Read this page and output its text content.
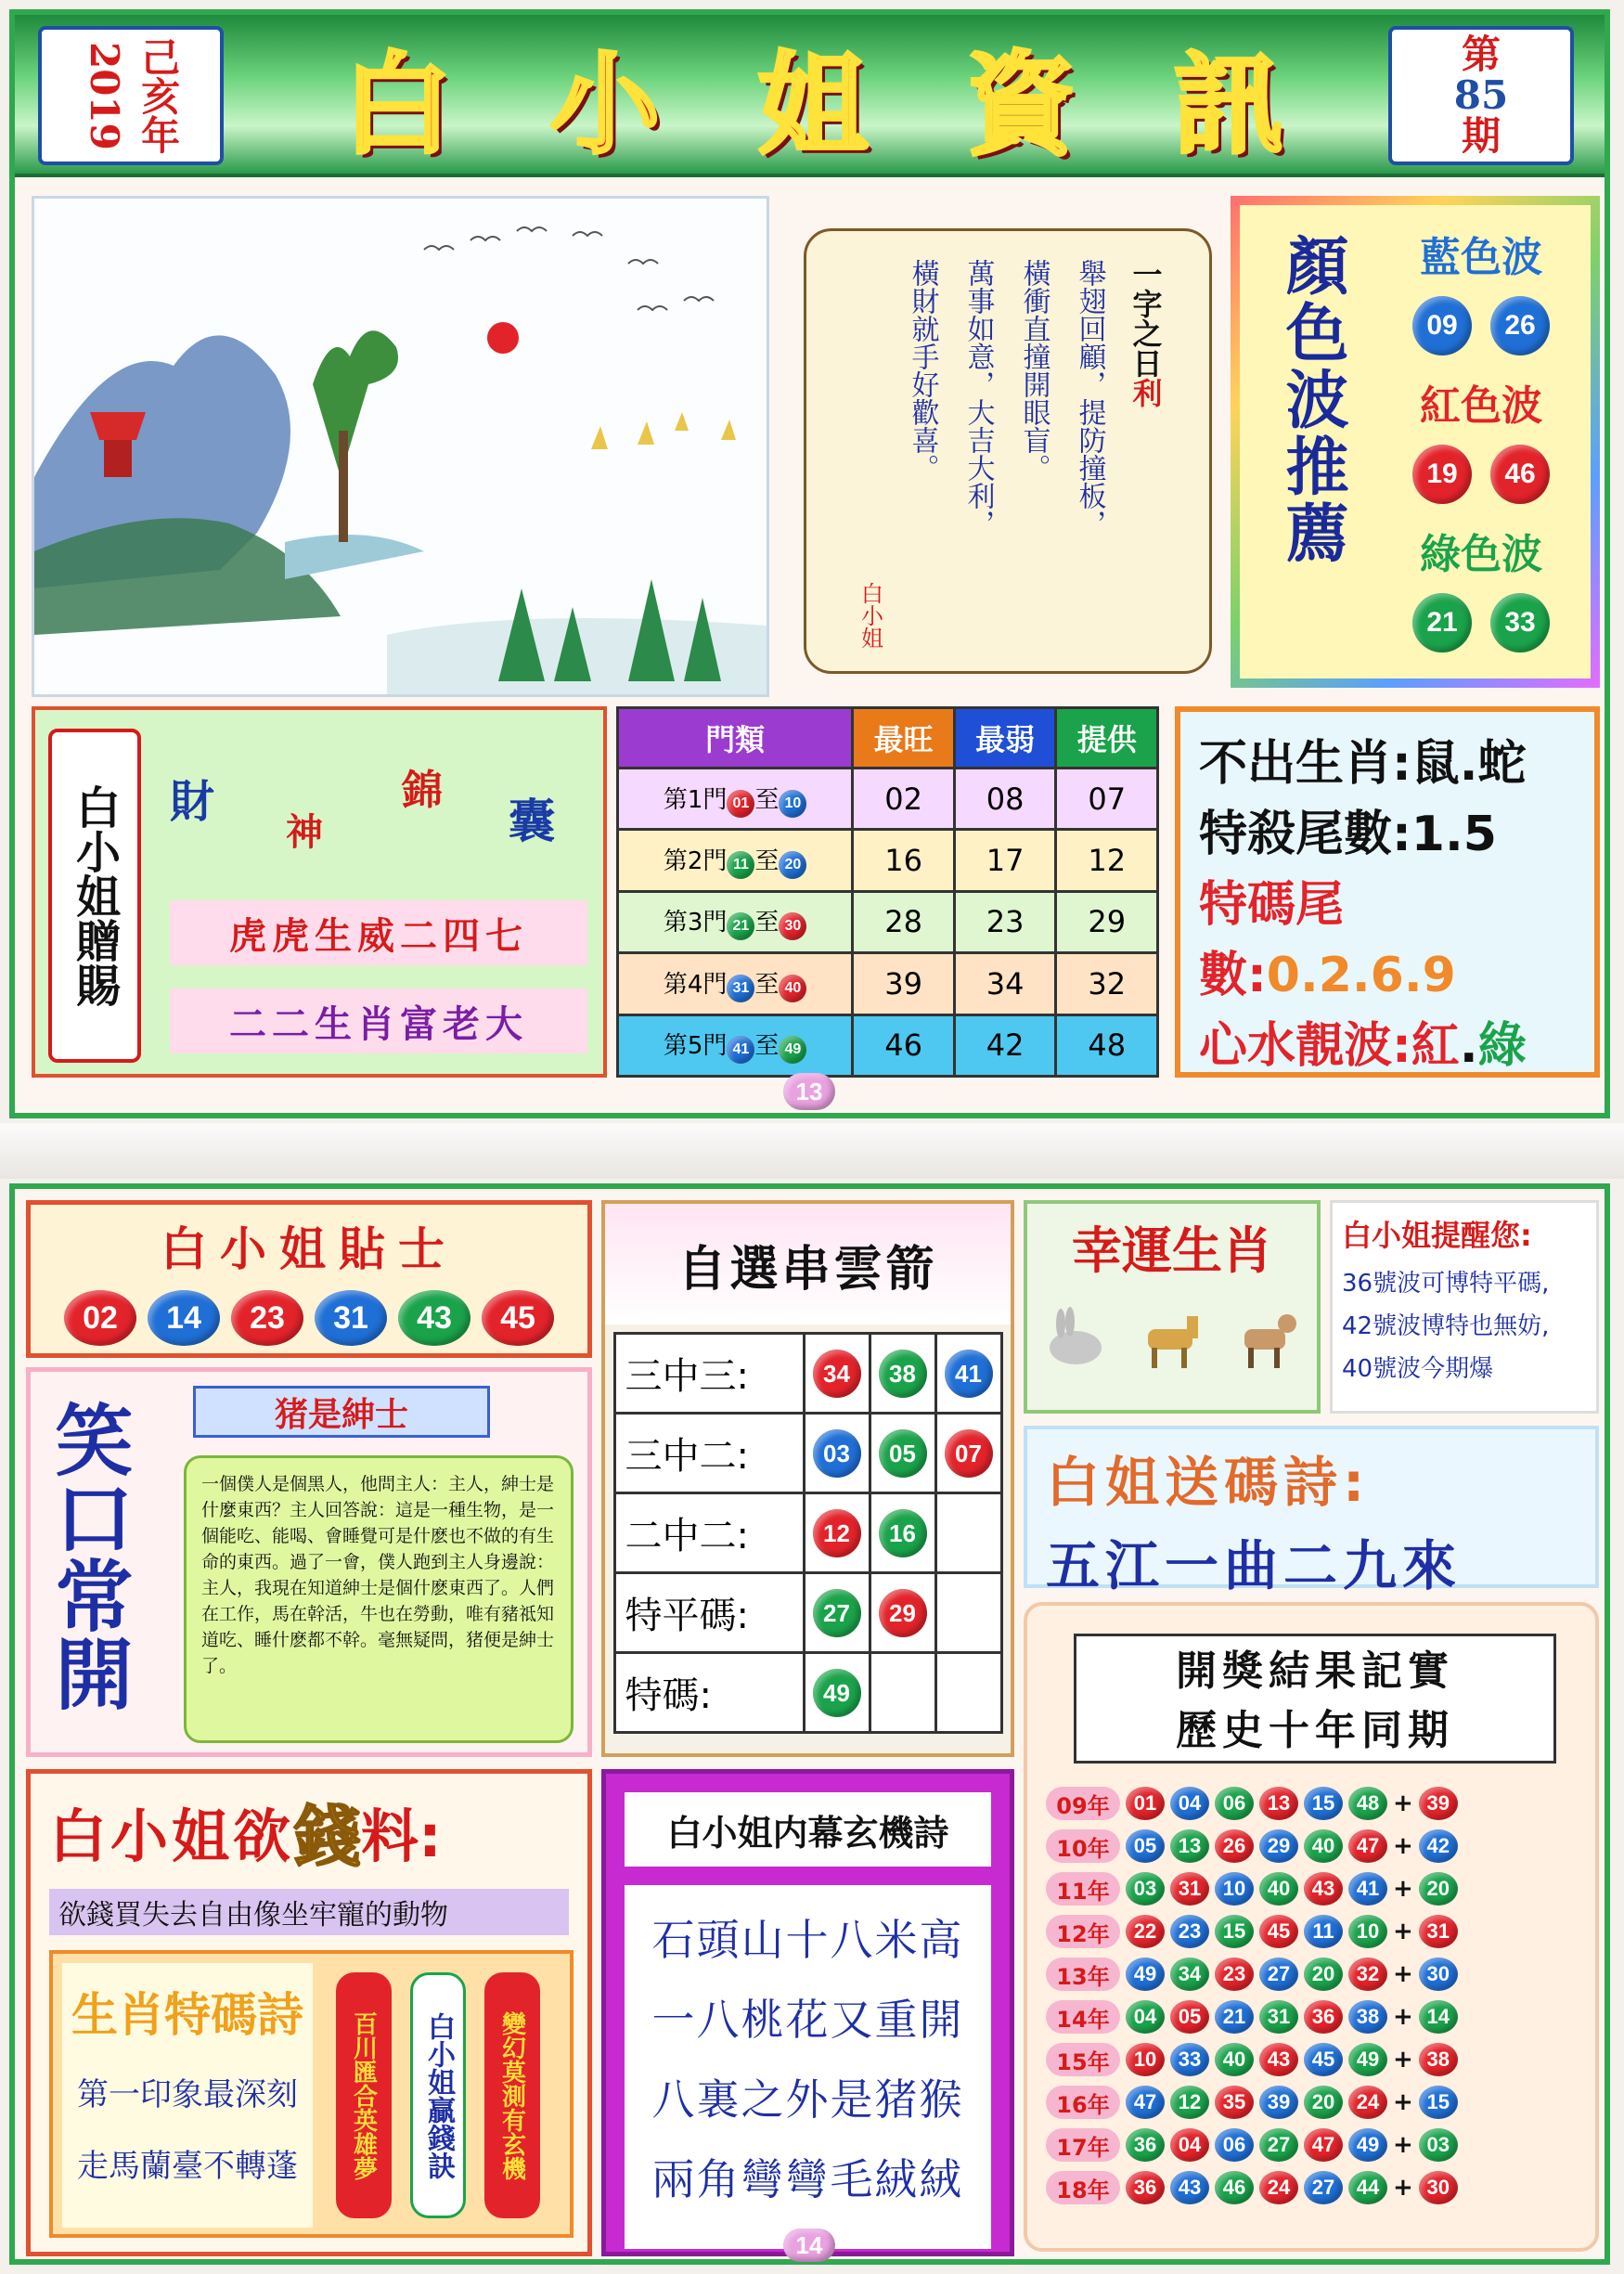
2019 己亥年 白 小 姐 資 訊	第
85
期
一字之日利
舉翅回顧，提防撞板，
橫衝直撞開眼盲。
萬事如意，大吉大利，
橫財就手好歡喜。
白小姐
顏色波推薦	藍色波
09	26
紅色波
19	46
綠色波
21	33
白小姐贈賜 財
神
錦
囊
虎虎生威二四七
二二生肖富老大
門類	最旺	最弱	提供
第1門 01 至 10	02	08	07
第2門 11 至 20	16	17	12
第3門 21 至 30	28	23	29
第4門 31 至 40	39	34	32
第5門 41 至 49	46	42	48
不出生肖:鼠.蛇
特殺尾數:1.5
特碼尾數:0.2.6.9
心水靚波:紅.綠
13
白小姐貼士
02	14	23	31	43	45
笑口常開	猪是紳士
一個僕人是個黑人，他問主人：主人，紳士是什麼東西？主人回答說：這是一種生物，是一個能吃、能喝、會睡覺可是什麽也不做的有生命的東西。過了一會，僕人跑到主人身邊說：主人，我現在知道紳士是個什麽東西了。人們在工作，馬在幹活，牛也在勞動，唯有豬祗知道吃、睡什麽都不幹。毫無疑問，猪便是紳士了。
自選串雲箭
三中三:	34	38	41
三中二:	03	05	07
二中二:	12	16	
特平碼:	27	29	
特碼:	49		
幸運生肖	白小姐提醒您:
36號波可博特平碼,
42號波博特也無妨,
40號波今期爆
白姐送碼詩:
五江一曲二九來
開獎結果記實
歷史十年同期
09年	01	04	06	13	15	48 + 39
10年	05	13	26	29	40	47 + 42
11年	03	31	10	40	43	41 + 20
12年	22	23	15	45	11	10 + 31
13年	49	34	23	27	20	32 + 30
14年	04	05	21	31	36	38 + 14
15年	10	33	40	43	45	49 + 38
16年	47	12	35	39	20	24 + 15
17年	36	04	06	27	47	49 + 03
18年	36	43	46	24	27	44 + 30
白小姐欲 錢 料:
欲錢買失去自由像坐牢寵的動物
生肖特碼詩
第一印象最深刻
走馬蘭臺不轉蓬	百川匯合英雄夢	白小姐贏錢訣	變幻莫測有玄機
白小姐内幕玄機詩
石頭山十八米高
一八桃花又重開
八裏之外是猪猴
兩角彎彎毛絨絨
14
